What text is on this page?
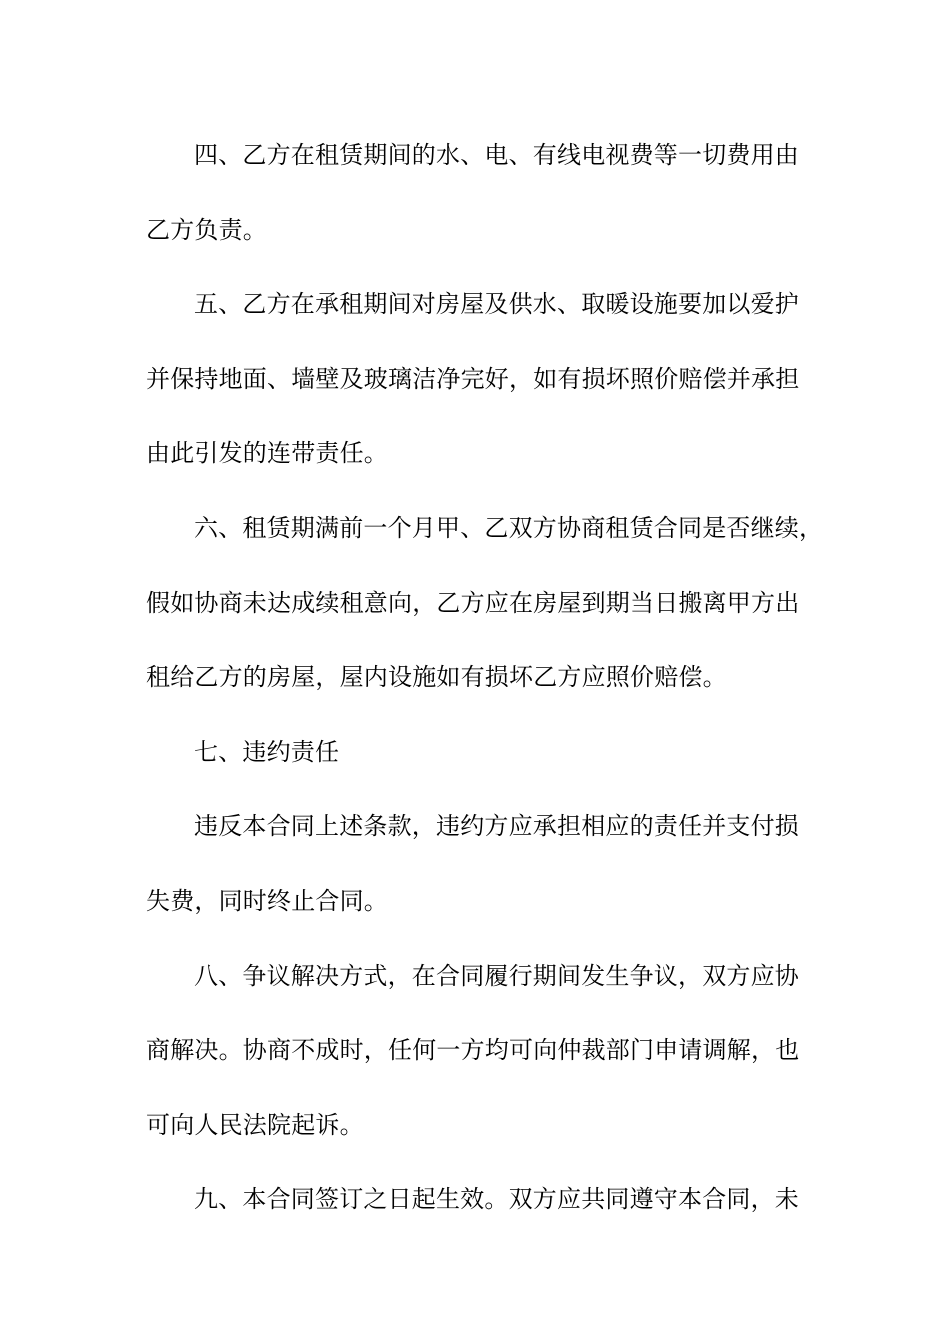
四、乙方在租赁期间的水、电、有线电视费等一切费用由
乙方负责。
五、乙方在承租期间对房屋及供水、取暖设施要加以爱护
并保持地面、墙壁及玻璃洁净完好，如有损坏照价赔偿并承担
由此引发的连带责任。
六、租赁期满前一个月甲、乙双方协商租赁合同是否继续，
假如协商未达成续租意向，乙方应在房屋到期当日搬离甲方出
租给乙方的房屋，屋内设施如有损坏乙方应照价赔偿。
七、违约责任
违反本合同上述条款，违约方应承担相应的责任并支付损
失费，同时终止合同。
八、争议解决方式，在合同履行期间发生争议，双方应协
商解决。协商不成时，任何一方均可向仲裁部门申请调解，也
可向人民法院起诉。
九、本合同签订之日起生效。双方应共同遵守本合同，未
